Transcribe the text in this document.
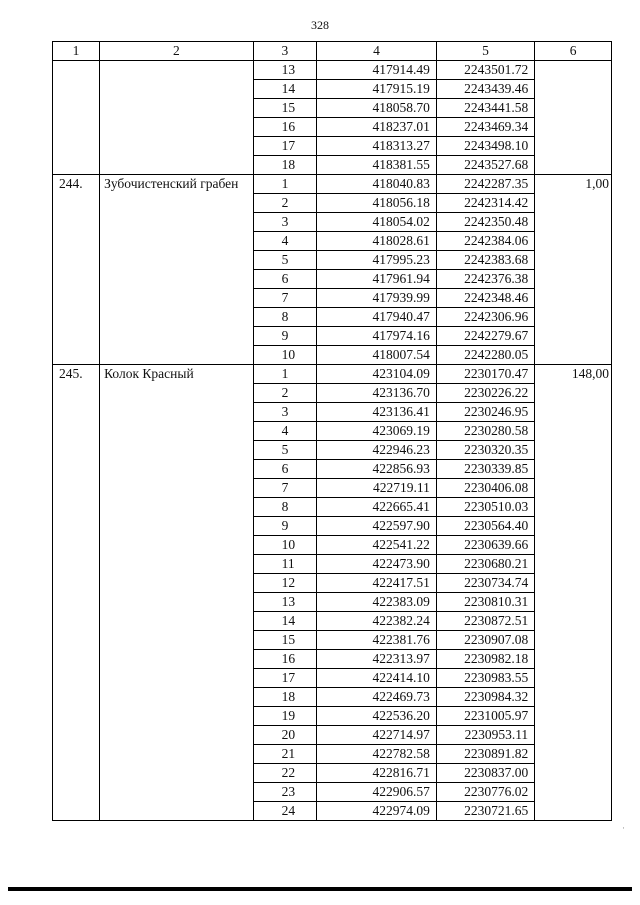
328
1	2	3	4	5	6
		13	417914.49	2243501.72	
		14	417915.19	2243439.46	
		15	418058.70	2243441.58	
		16	418237.01	2243469.34	
		17	418313.27	2243498.10	
		18	418381.55	2243527.68	
244.	Зубочистенский грабен	1	418040.83	2242287.35	1,00
		2	418056.18	2242314.42	
		3	418054.02	2242350.48	
		4	418028.61	2242384.06	
		5	417995.23	2242383.68	
		6	417961.94	2242376.38	
		7	417939.99	2242348.46	
		8	417940.47	2242306.96	
		9	417974.16	2242279.67	
		10	418007.54	2242280.05	
245.	Колок Красный	1	423104.09	2230170.47	148,00
		2	423136.70	2230226.22	
		3	423136.41	2230246.95	
		4	423069.19	2230280.58	
		5	422946.23	2230320.35	
		6	422856.93	2230339.85	
		7	422719.11	2230406.08	
		8	422665.41	2230510.03	
		9	422597.90	2230564.40	
		10	422541.22	2230639.66	
		11	422473.90	2230680.21	
		12	422417.51	2230734.74	
		13	422383.09	2230810.31	
		14	422382.24	2230872.51	
		15	422381.76	2230907.08	
		16	422313.97	2230982.18	
		17	422414.10	2230983.55	
		18	422469.73	2230984.32	
		19	422536.20	2231005.97	
		20	422714.97	2230953.11	
		21	422782.58	2230891.82	
		22	422816.71	2230837.00	
		23	422906.57	2230776.02	
		24	422974.09	2230721.65	
·
